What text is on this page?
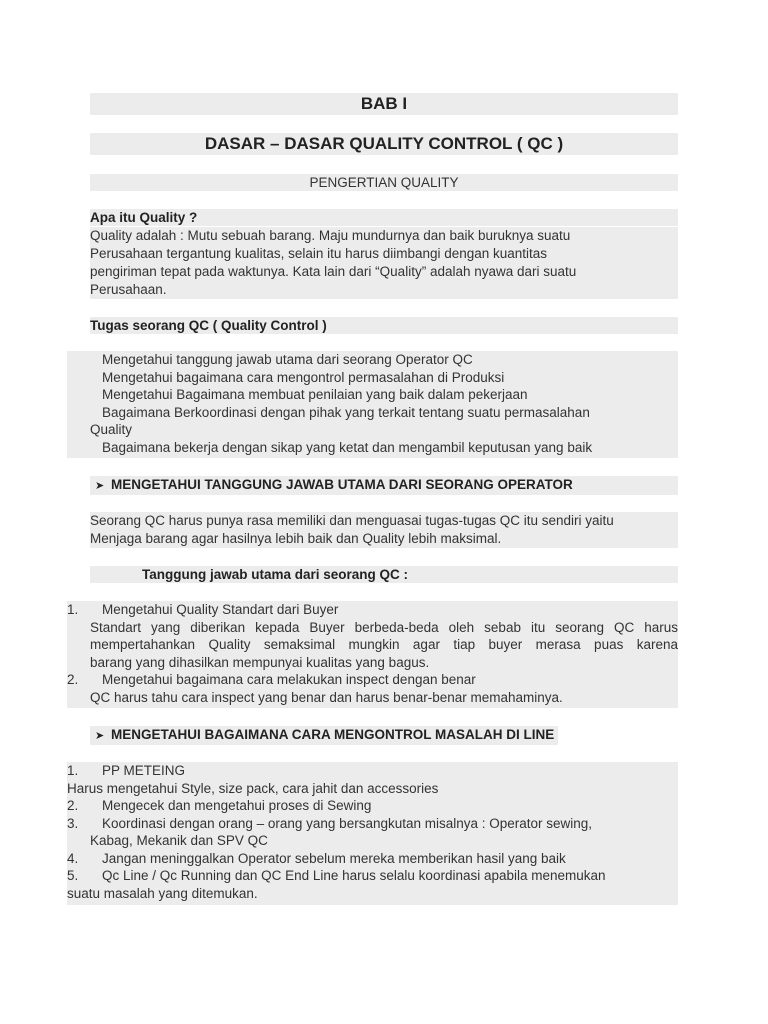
BAB I
DASAR – DASAR QUALITY CONTROL ( QC )
PENGERTIAN QUALITY
Apa itu Quality ?
Quality adalah : Mutu sebuah barang. Maju mundurnya dan baik buruknya suatu
Perusahaan tergantung kualitas, selain itu harus diimbangi dengan kuantitas
pengiriman tepat pada waktunya. Kata lain dari “Quality” adalah nyawa dari suatu
Perusahaan.
Tugas seorang QC ( Quality Control )
Mengetahui tanggung jawab utama dari seorang Operator QC
Mengetahui bagaimana cara mengontrol permasalahan di Produksi
Mengetahui Bagaimana membuat penilaian yang baik dalam pekerjaan
Bagaimana Berkoordinasi dengan pihak yang terkait tentang suatu permasalahan
Quality
Bagaimana bekerja dengan sikap yang ketat dan mengambil keputusan yang baik
➤ MENGETAHUI TANGGUNG JAWAB UTAMA DARI SEORANG OPERATOR
Seorang QC harus punya rasa memiliki dan menguasai tugas-tugas QC itu sendiri yaitu
Menjaga barang agar hasilnya lebih baik dan Quality lebih maksimal.
Tanggung jawab utama dari seorang QC :
1.	Mengetahui Quality Standart dari Buyer
Standart yang diberikan kepada Buyer berbeda-beda oleh sebab itu seorang QC harus
mempertahankan Quality semaksimal mungkin agar tiap buyer merasa puas karena
barang yang dihasilkan mempunyai kualitas yang bagus.
2.	Mengetahui bagaimana cara melakukan inspect dengan benar
QC harus tahu cara inspect yang benar dan harus benar-benar memahaminya.
➤ MENGETAHUI BAGAIMANA CARA MENGONTROL MASALAH DI LINE
1.	PP METEING
Harus mengetahui Style, size pack, cara jahit dan accessories
2.	Mengecek dan mengetahui proses di Sewing
3.	Koordinasi dengan orang – orang yang bersangkutan misalnya : Operator sewing,
Kabag, Mekanik dan SPV QC
4.	Jangan meninggalkan Operator sebelum mereka memberikan hasil yang baik
5.	Qc Line / Qc Running dan QC End Line harus selalu koordinasi apabila menemukan
suatu masalah yang ditemukan.
